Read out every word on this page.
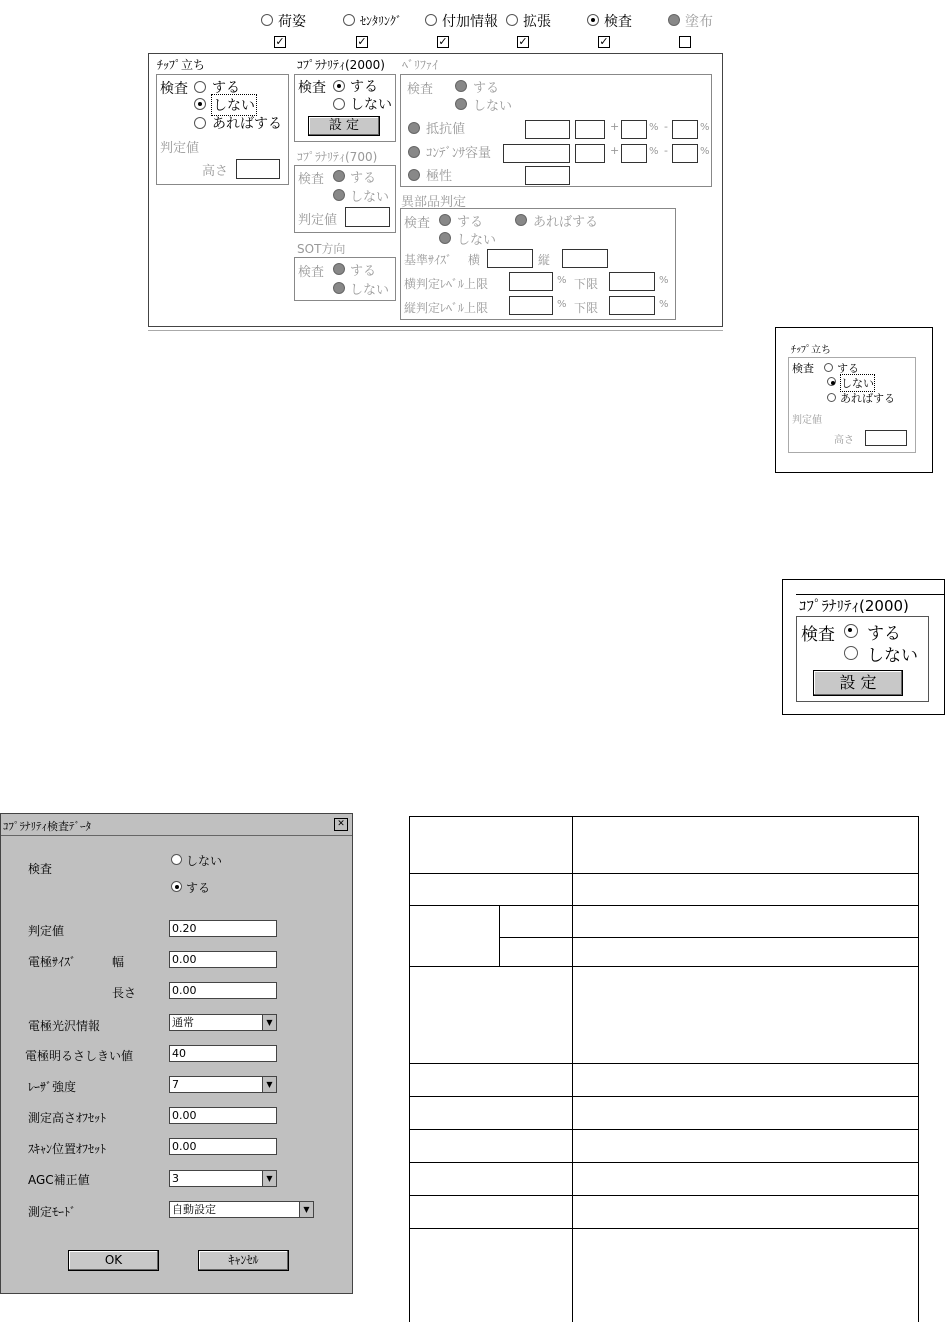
荷姿	ｾﾝﾀﾘﾝｸﾞ	付加情報 拡張	検査	塗布
✓	✓	✓	✓	✓
ﾁｯﾌﾟ立ち
検査 する
しない
あればする
判定値
高さ
ｺﾌﾟﾗﾅﾘﾃｨ(2000)
検査 する
しない
設 定
ｺﾌﾟﾗﾅﾘﾃｨ(700)
検査 する
しない
判定値
SOT方向
検査 する
しない
ﾍﾞﾘﾌｧｲ
検査	する
しない
抵抗値	+	% -	%
ｺﾝﾃﾞﾝｻ容量	+	% -	%
極性
異部品判定
検査 する	あればする
しない
基準ｻｲｽﾞ 横	縦
横判定ﾚﾍﾞﾙ上限	% 下限	%
縦判定ﾚﾍﾞﾙ上限	% 下限	%
ﾁｯﾌﾟ立ち
検査 する
しない
あればする
判定値
高さ
ｺﾌﾟﾗﾅﾘﾃｨ(2000)
検査 する
しない
設 定
ｺﾌﾟﾗﾅﾘﾃｨ検査ﾃﾞｰﾀ	✕
検査
しない
する
判定値	0.20
電極ｻｲｽﾞ	幅	0.00
長さ	0.00
電極光沢情報	通常	▼
電極明るさしきい値	40
ﾚｰｻﾞ強度	7	▼
測定高さｵﾌｾｯﾄ	0.00
ｽｷｬﾝ位置ｵﾌｾｯﾄ	0.00
AGC補正値	3	▼
測定ﾓｰﾄﾞ	自動設定	▼
OK	ｷｬﾝｾﾙ
